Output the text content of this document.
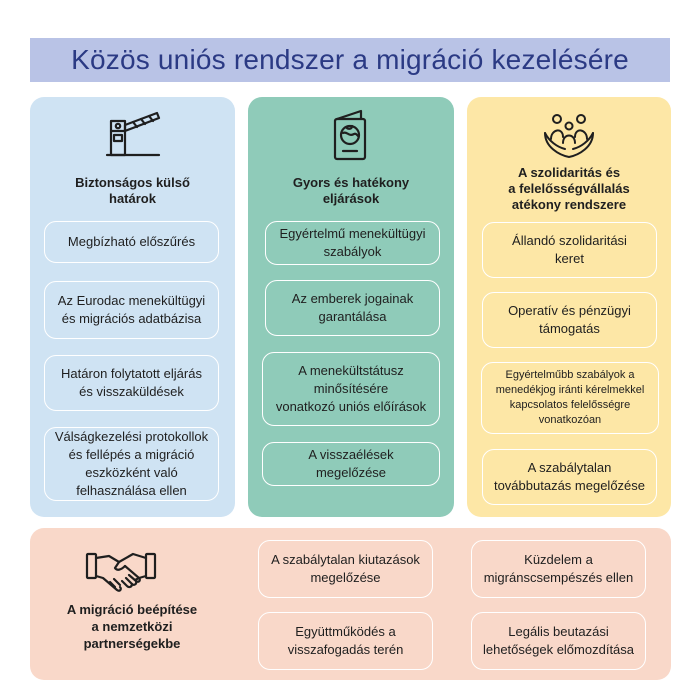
Közös uniós rendszer a migráció kezelésére
Biztonságos külső
határok
Megbízható előszűrés
Az Eurodac menekültügyi
és migrációs adatbázisa
Határon folytatott eljárás
és visszaküldések
Válságkezelési protokollok
és fellépés a migráció
eszközként való
felhasználása ellen
Gyors és hatékony
eljárások
Egyértelmű menekültügyi
szabályok
Az emberek jogainak
garantálása
A menekültstátusz
minősítésére
vonatkozó uniós előírások
A visszaélések
megelőzése
A szolidaritás és
a felelősségvállalás
atékony rendszere
Állandó szolidaritási
keret
Operatív és pénzügyi
támogatás
Egyértelműbb szabályok a
menedékjog iránti kérelmekkel
kapcsolatos felelősségre
vonatkozóan
A szabálytalan
továbbutazás megelőzése
A migráció beépítése
a nemzetközi
partnerségekbe
A szabálytalan kiutazások
megelőzése
Küzdelem a
migránscsempészés ellen
Együttműködés a
visszafogadás terén
Legális beutazási
lehetőségek előmozdítása
